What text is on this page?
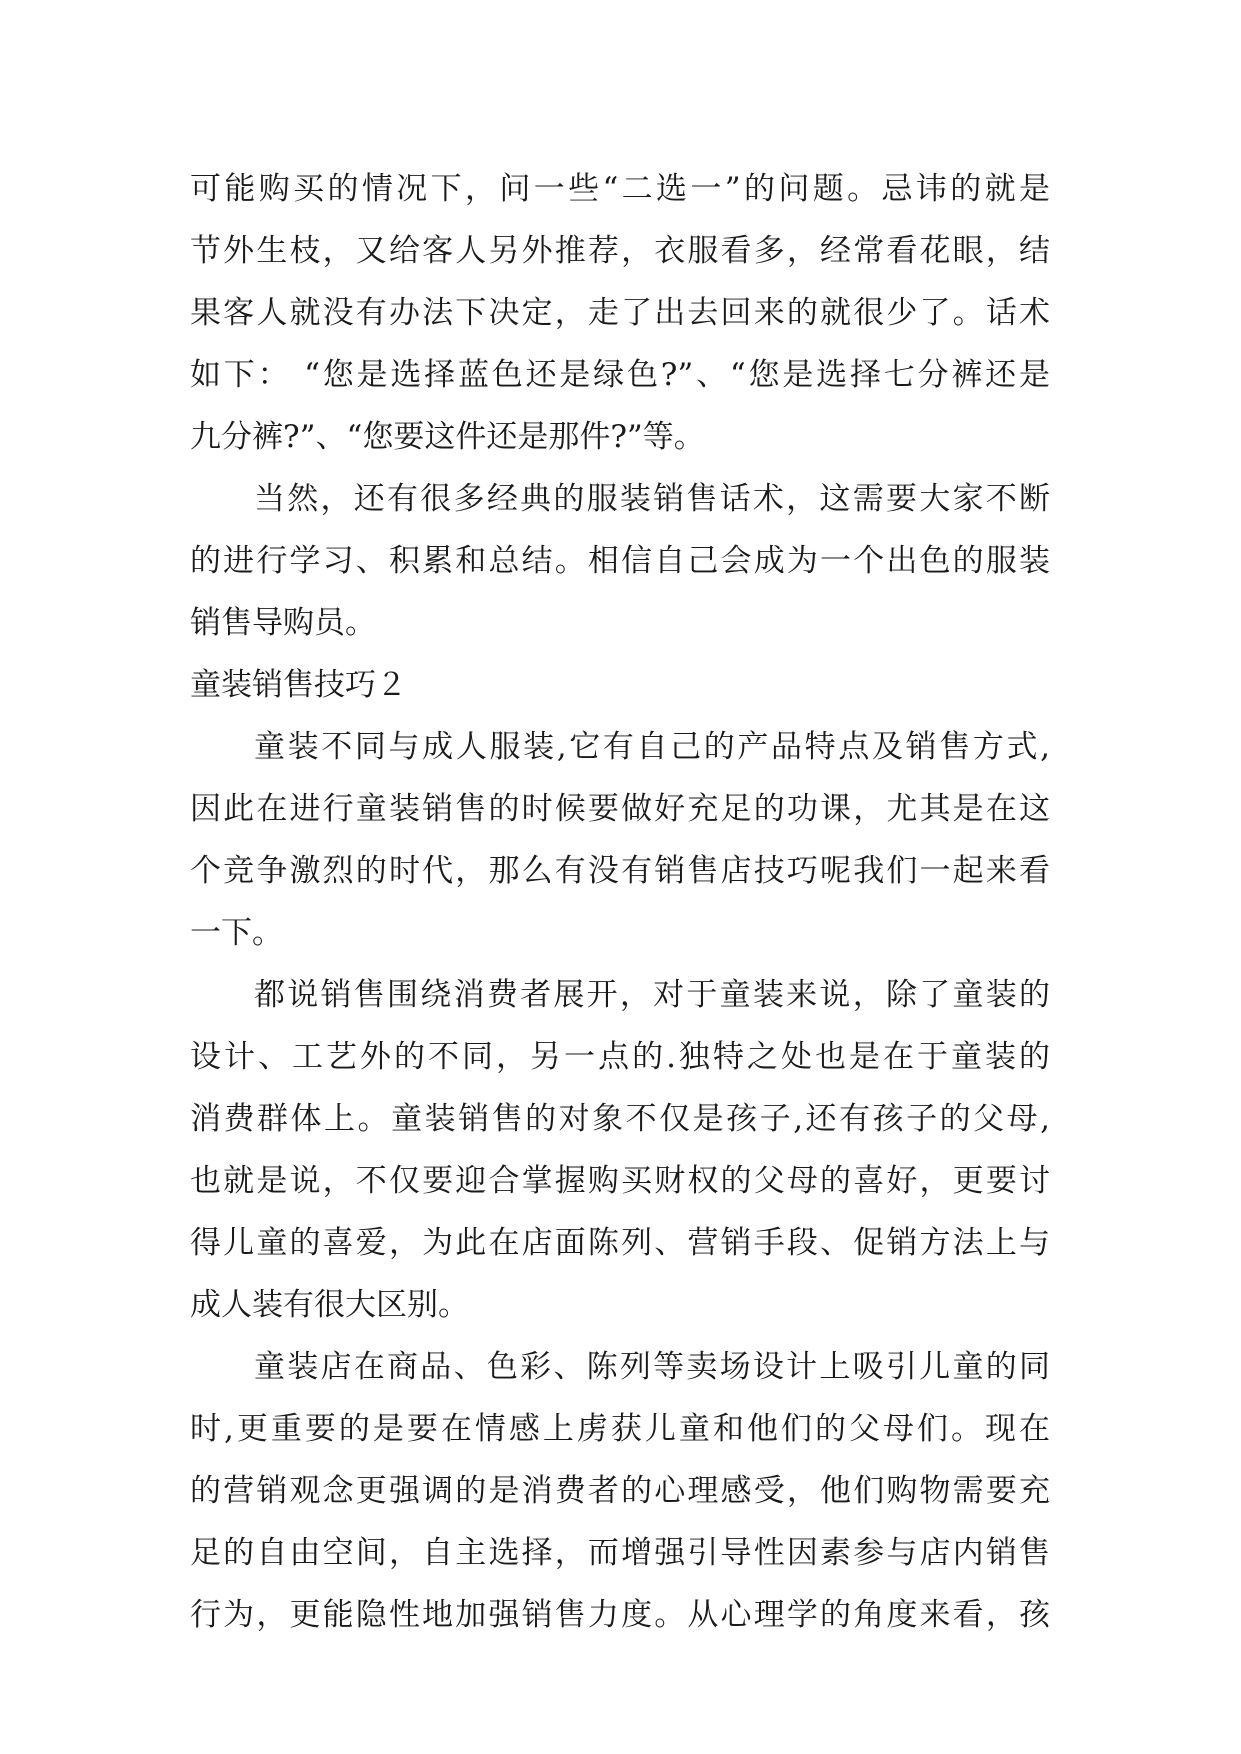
可能购买的情况下，问一些“二选一”的问题。忌讳的就是
节外生枝，又给客人另外推荐，衣服看多，经常看花眼，结
果客人就没有办法下决定，走了出去回来的就很少了。话术
如下： “您是选择蓝色还是绿色?”、“您是选择七分裤还是
九分裤?”、“您要这件还是那件?”等。
当然，还有很多经典的服装销售话术，这需要大家不断
的进行学习、积累和总结。相信自己会成为一个出色的服装
销售导购员。
童装销售技巧２
童装不同与成人服装,它有自己的产品特点及销售方式,
因此在进行童装销售的时候要做好充足的功课，尤其是在这
个竞争激烈的时代，那么有没有销售店技巧呢我们一起来看
一下。
都说销售围绕消费者展开，对于童装来说，除了童装的
设计、工艺外的不同，另一点的.独特之处也是在于童装的
消费群体上。童装销售的对象不仅是孩子,还有孩子的父母,
也就是说，不仅要迎合掌握购买财权的父母的喜好，更要讨
得儿童的喜爱，为此在店面陈列、营销手段、促销方法上与
成人装有很大区别。
童装店在商品、色彩、陈列等卖场设计上吸引儿童的同
时,更重要的是要在情感上虏获儿童和他们的父母们。现在
的营销观念更强调的是消费者的心理感受，他们购物需要充
足的自由空间，自主选择，而增强引导性因素参与店内销售
行为，更能隐性地加强销售力度。从心理学的角度来看，孩
